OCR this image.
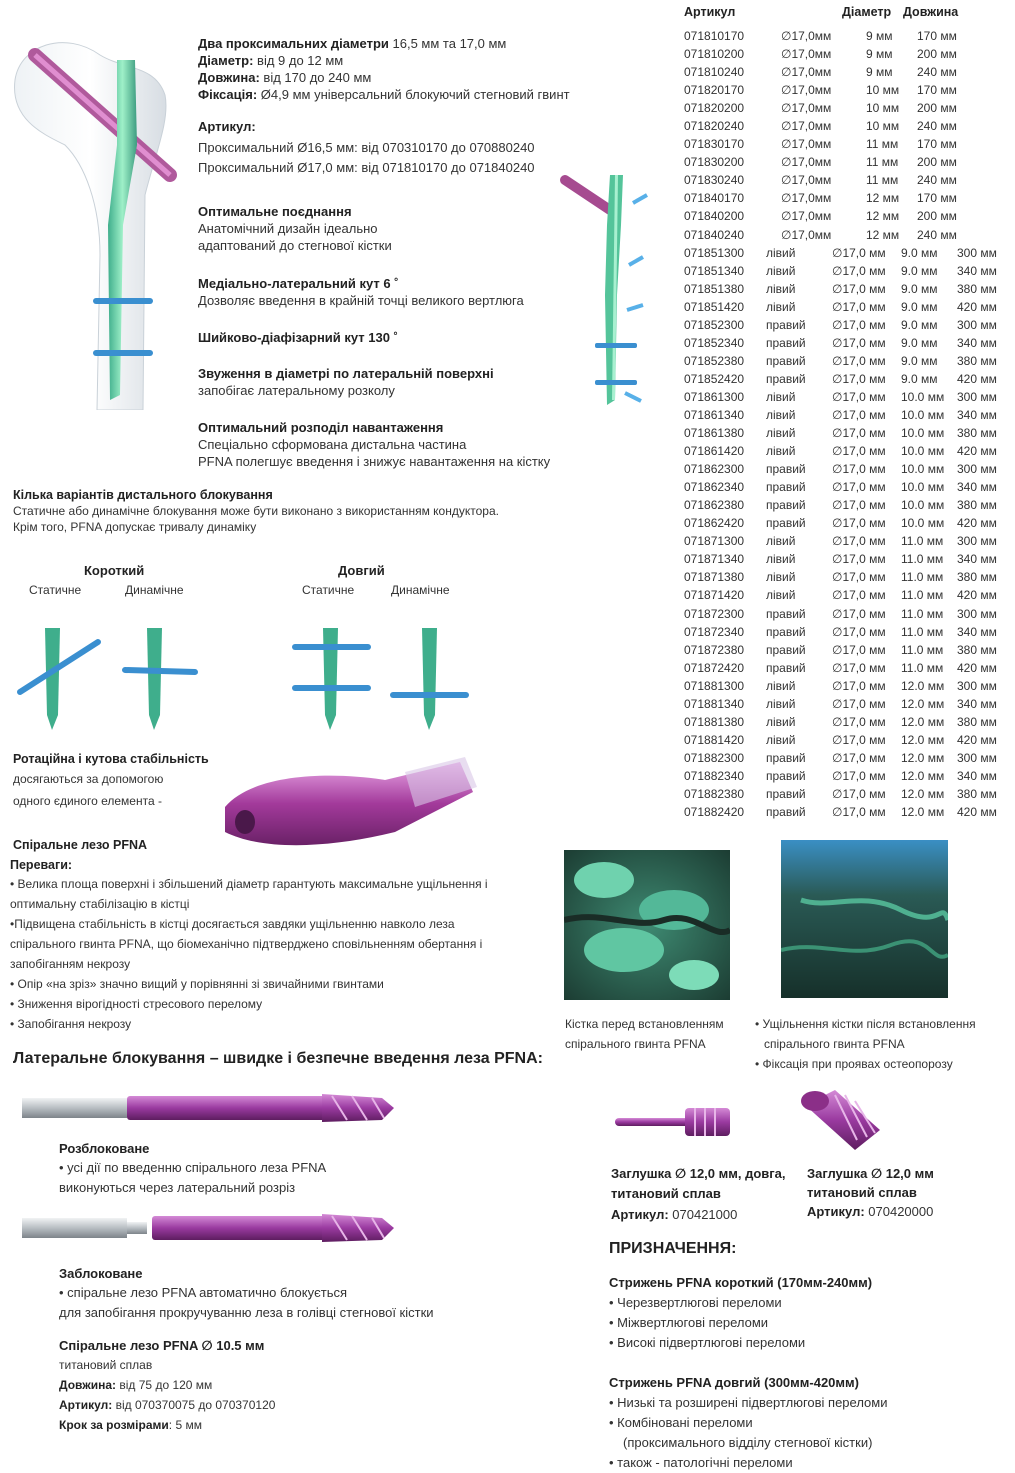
Два проксимальних діаметри 16,5 мм та 17,0 мм
Діаметр: від 9 до 12 мм
Довжина: від 170 до 240 мм
Фіксація: Ø4,9 мм універсальний блокуючий стегновий гвинт
Артикул:
Проксимальний Ø16,5 мм: від 070310170 до 070880240
Проксимальний Ø17,0 мм: від 071810170 до 071840240
Оптимальне поєднання
Анатомічний дизайн ідеально
адаптований до стегнової кістки
Медіально-латеральний кут 6 ˚
Дозволяє введення в крайній точці великого вертлюга
Шийково-діафізарний кут 130 ˚
Звуження в діаметрі по латеральній поверхні
запобігає латеральному розколу
Оптимальний розподіл навантаження
Спеціально сформована дистальна частина
PFNA полегшує введення і знижує навантаження на кістку
Кілька варіантів дистального блокування
Статичне або динамічне блокування може бути виконано з використанням кондуктора.
Крім того, PFNA допускає тривалу динаміку
Короткий
Статичне	Динамічне
Довгий
Статичне	Динамічне
Ротаційна і кутова стабільність
досягаються за допомогою
одного єдиного елемента -
Спіральне лезо PFNA
Переваги:
• Велика площа поверхні і збільшений діаметр гарантують максимальне ущільнення і
оптимальну стабілізацію в кістці
•Підвищена стабільність в кістці досягається завдяки ущільненню навколо леза
спірального гвинта PFNA, що біомеханічно підтверджено сповільненням обертання і
запобіганням некрозу
• Опір «на зріз» значно вищий у порівнянні зі звичайними гвинтами
• Зниження вірогідності стресового перелому
• Запобігання некрозу
Латеральне блокування – швидке і безпечне введення леза PFNA:
Розблоковане
• усі дії по введенню спірального леза PFNA
виконуються через латеральний розріз
Заблоковане
• спіральне лезо PFNA автоматично блокується
для запобігання прокручуванню леза в голівці стегнової кістки
Спіральне лезо PFNA ∅ 10.5 мм
титановий сплав
Довжина: від 75 до 120 мм
Артикул: від 070370075 до 070370120
Крок за розмірами: 5 мм
Кістка перед встановленням
спірального гвинта PFNA
• Ущільнення кістки після встановлення
спірального гвинта PFNA
• Фіксація при проявах остеопорозу
Заглушка ∅ 12,0 мм, довга,
титановий сплав
Артикул: 070421000
Заглушка ∅ 12,0 мм
титановий сплав
Артикул: 070420000
ПРИЗНАЧЕННЯ:
Стрижень PFNA короткий (170мм-240мм)
• Черезвертлюгові переломи
• Міжвертлюгові переломи
• Високі підвертлюгові переломи
Стрижень PFNA довгий (300мм-420мм)
• Низькі та розширені підвертлюгові переломи
• Комбіновані переломи
(проксимального відділу стегнової кістки)
• також - патологічні переломи
Артикул	Діаметр Довжина
071810170	∅17,0мм	9 мм 170 мм
071810200	∅17,0мм	9 мм 200 мм
071810240	∅17,0мм	9 мм 240 мм
071820170	∅17,0мм	10 мм 170 мм
071820200	∅17,0мм	10 мм 200 мм
071820240	∅17,0мм	10 мм 240 мм
071830170	∅17,0мм	11 мм 170 мм
071830200	∅17,0мм	11 мм 200 мм
071830240	∅17,0мм	11 мм 240 мм
071840170	∅17,0мм	12 мм 170 мм
071840200	∅17,0мм	12 мм 200 мм
071840240	∅17,0мм	12 мм 240 мм
071851300 лівий	∅17,0 мм 9.0 мм 300 мм
071851340 лівий	∅17,0 мм 9.0 мм 340 мм
071851380 лівий	∅17,0 мм 9.0 мм 380 мм
071851420 лівий	∅17,0 мм 9.0 мм 420 мм
071852300 правий ∅17,0 мм 9.0 мм 300 мм
071852340 правий ∅17,0 мм 9.0 мм 340 мм
071852380 правий ∅17,0 мм 9.0 мм 380 мм
071852420 правий ∅17,0 мм 9.0 мм 420 мм
071861300 лівий	∅17,0 мм 10.0 мм 300 мм
071861340 лівий	∅17,0 мм 10.0 мм 340 мм
071861380 лівий	∅17,0 мм 10.0 мм 380 мм
071861420 лівий	∅17,0 мм 10.0 мм 420 мм
071862300 правий ∅17,0 мм 10.0 мм 300 мм
071862340 правий ∅17,0 мм 10.0 мм 340 мм
071862380 правий ∅17,0 мм 10.0 мм 380 мм
071862420 правий ∅17,0 мм 10.0 мм 420 мм
071871300 лівий	∅17,0 мм 11.0 мм 300 мм
071871340 лівий	∅17,0 мм 11.0 мм 340 мм
071871380 лівий	∅17,0 мм 11.0 мм 380 мм
071871420 лівий	∅17,0 мм 11.0 мм 420 мм
071872300 правий ∅17,0 мм 11.0 мм 300 мм
071872340 правий ∅17,0 мм 11.0 мм 340 мм
071872380 правий ∅17,0 мм 11.0 мм 380 мм
071872420 правий ∅17,0 мм 11.0 мм 420 мм
071881300 лівий	∅17,0 мм 12.0 мм 300 мм
071881340 лівий	∅17,0 мм 12.0 мм 340 мм
071881380 лівий	∅17,0 мм 12.0 мм 380 мм
071881420 лівий	∅17,0 мм 12.0 мм 420 мм
071882300 правий ∅17,0 мм 12.0 мм 300 мм
071882340 правий ∅17,0 мм 12.0 мм 340 мм
071882380 правий ∅17,0 мм 12.0 мм 380 мм
071882420 правий ∅17,0 мм 12.0 мм 420 мм
